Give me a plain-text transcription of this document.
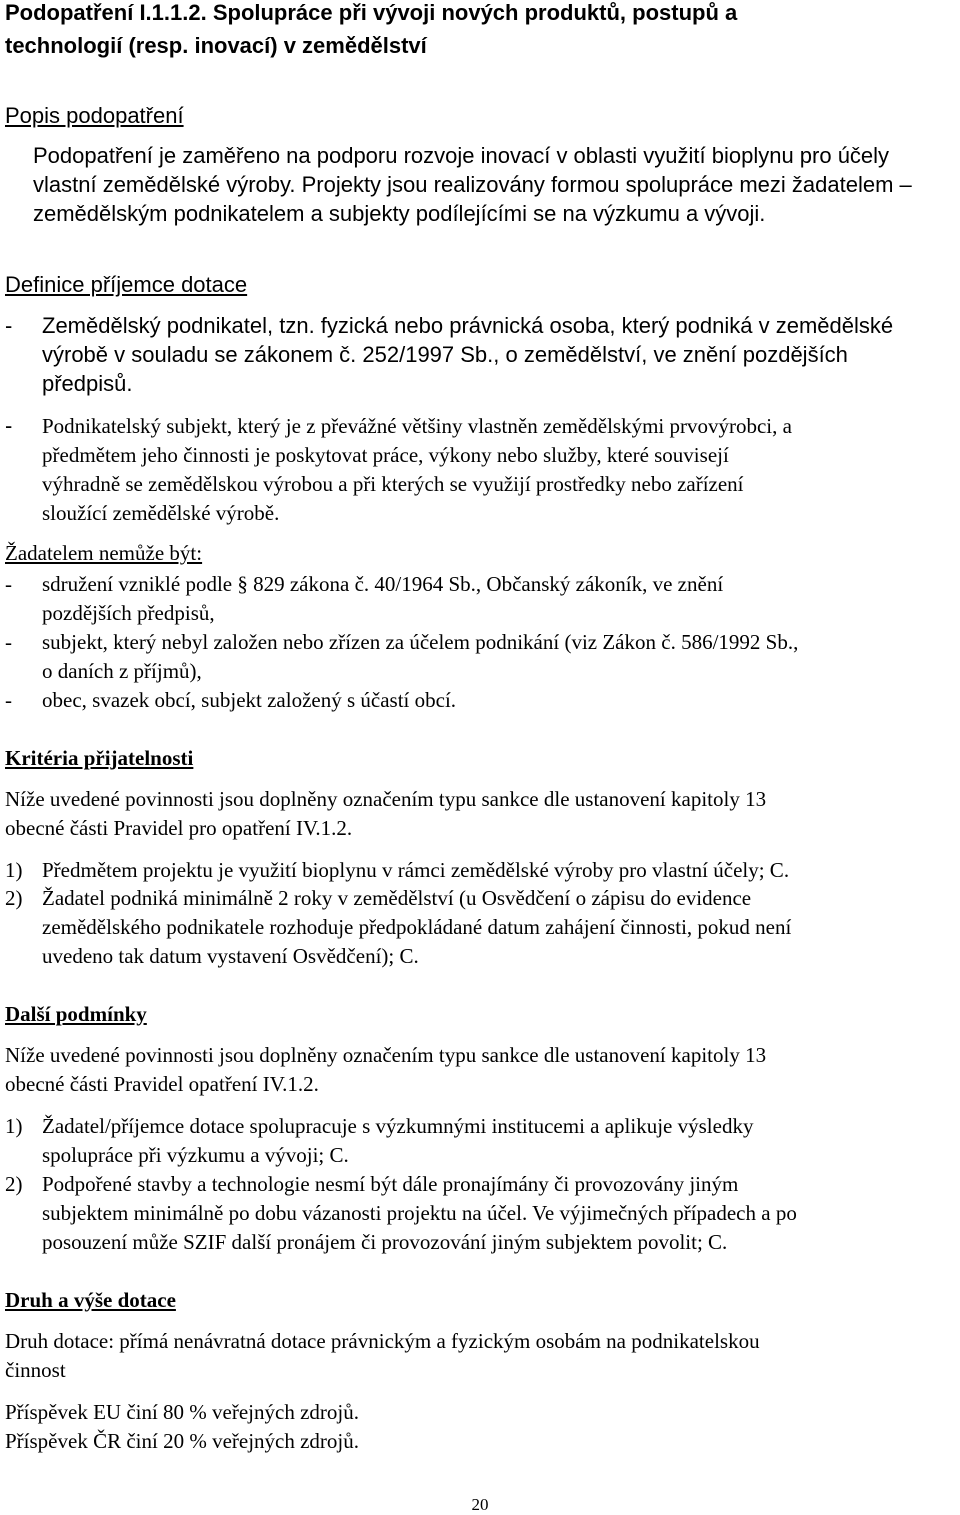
Podopatření I.1.1.2. Spolupráce při vývoji nových produktů, postupů a

technologií (resp. inovací) v zemědělství

Popis podopatření

Podopatření je zaměřeno na podporu rozvoje inovací v oblasti využití bioplynu pro účely

vlastní zemědělské výroby. Projekty jsou realizovány formou spolupráce mezi žadatelem –

zemědělským podnikatelem a subjekty podílejícími se na výzkumu a vývoji.

Definice příjemce dotace

- Zemědělský podnikatel, tzn. fyzická nebo právnická osoba, který podniká v zemědělské

výrobě v souladu se zákonem č. 252/1997 Sb., o zemědělství, ve znění pozdějších

předpisů.

- Podnikatelský subjekt, který je z převážné většiny vlastněn zemědělskými prvovýrobci, a

předmětem jeho činnosti je poskytovat práce, výkony nebo služby, které souvisejí

výhradně se zemědělskou výrobou a při kterých se využijí prostředky nebo zařízení

sloužící zemědělské výrobě.

Žadatelem nemůže být:

- sdružení vzniklé podle § 829 zákona č. 40/1964 Sb., Občanský zákoník, ve znění

pozdějších předpisů,

- subjekt, který nebyl založen nebo zřízen za účelem podnikání (viz Zákon č. 586/1992 Sb.,

o daních z příjmů),

- obec, svazek obcí, subjekt založený s účastí obcí.

Kritéria přijatelnosti

Níže uvedené povinnosti jsou doplněny označením typu sankce dle ustanovení kapitoly 13

obecné části Pravidel pro opatření IV.1.2.

1) Předmětem projektu je využití bioplynu v rámci zemědělské výroby pro vlastní účely; C.

2) Žadatel podniká minimálně 2 roky v zemědělství (u Osvědčení o zápisu do evidence

zemědělského podnikatele rozhoduje předpokládané datum zahájení činnosti, pokud není

uvedeno tak datum vystavení Osvědčení); C.

Další podmínky

Níže uvedené povinnosti jsou doplněny označením typu sankce dle ustanovení kapitoly 13

obecné části Pravidel opatření IV.1.2.

1) Žadatel/příjemce dotace spolupracuje s výzkumnými institucemi a aplikuje výsledky

spolupráce při výzkumu a vývoji; C.

2) Podpořené stavby a technologie nesmí být dále pronajímány či provozovány jiným

subjektem minimálně po dobu vázanosti projektu na účel. Ve výjimečných případech a po

posouzení může SZIF další pronájem či provozování jiným subjektem povolit; C.

Druh a výše dotace

Druh dotace: přímá nenávratná dotace právnickým a fyzickým osobám na podnikatelskou

činnost

Příspěvek EU činí 80 % veřejných zdrojů.

Příspěvek ČR činí 20 % veřejných zdrojů.

20
